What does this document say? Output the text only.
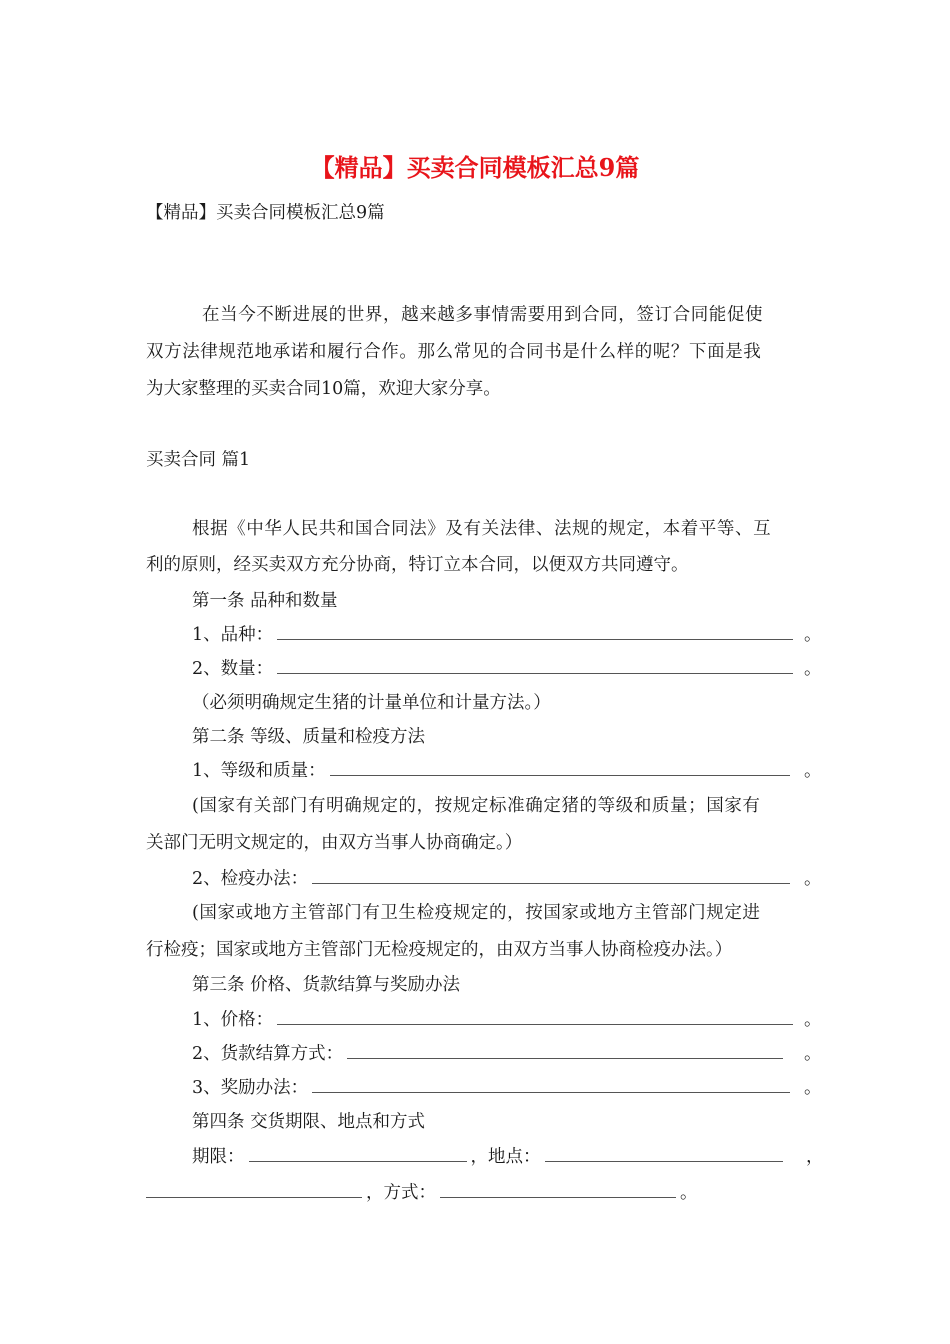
【精品】买卖合同模板汇总9篇
【精品】买卖合同模板汇总9篇
在当今不断进展的世界，越来越多事情需要用到合同，签订合同能促使
双方法律规范地承诺和履行合作。那么常见的合同书是什么样的呢？下面是我
为大家整理的买卖合同10篇，欢迎大家分享。
买卖合同 篇1
根据《中华人民共和国合同法》及有关法律、法规的规定，本着平等、互
利的原则，经买卖双方充分协商，特订立本合同，以便双方共同遵守。
第一条 品种和数量
1、品种：	。
2、数量：	。
（必须明确规定生猪的计量单位和计量方法。）
第二条 等级、质量和检疫方法
1、等级和质量：	。
(国家有关部门有明确规定的，按规定标准确定猪的等级和质量；国家有
关部门无明文规定的，由双方当事人协商确定。）
2、检疫办法：	。
(国家或地方主管部门有卫生检疫规定的，按国家或地方主管部门规定进
行检疫；国家或地方主管部门无检疫规定的，由双方当事人协商检疫办法。）
第三条 价格、货款结算与奖励办法
1、价格：	。
2、货款结算方式：	。
3、奖励办法：	。
第四条 交货期限、地点和方式
期限：	，地点：	，
，方式：	。
